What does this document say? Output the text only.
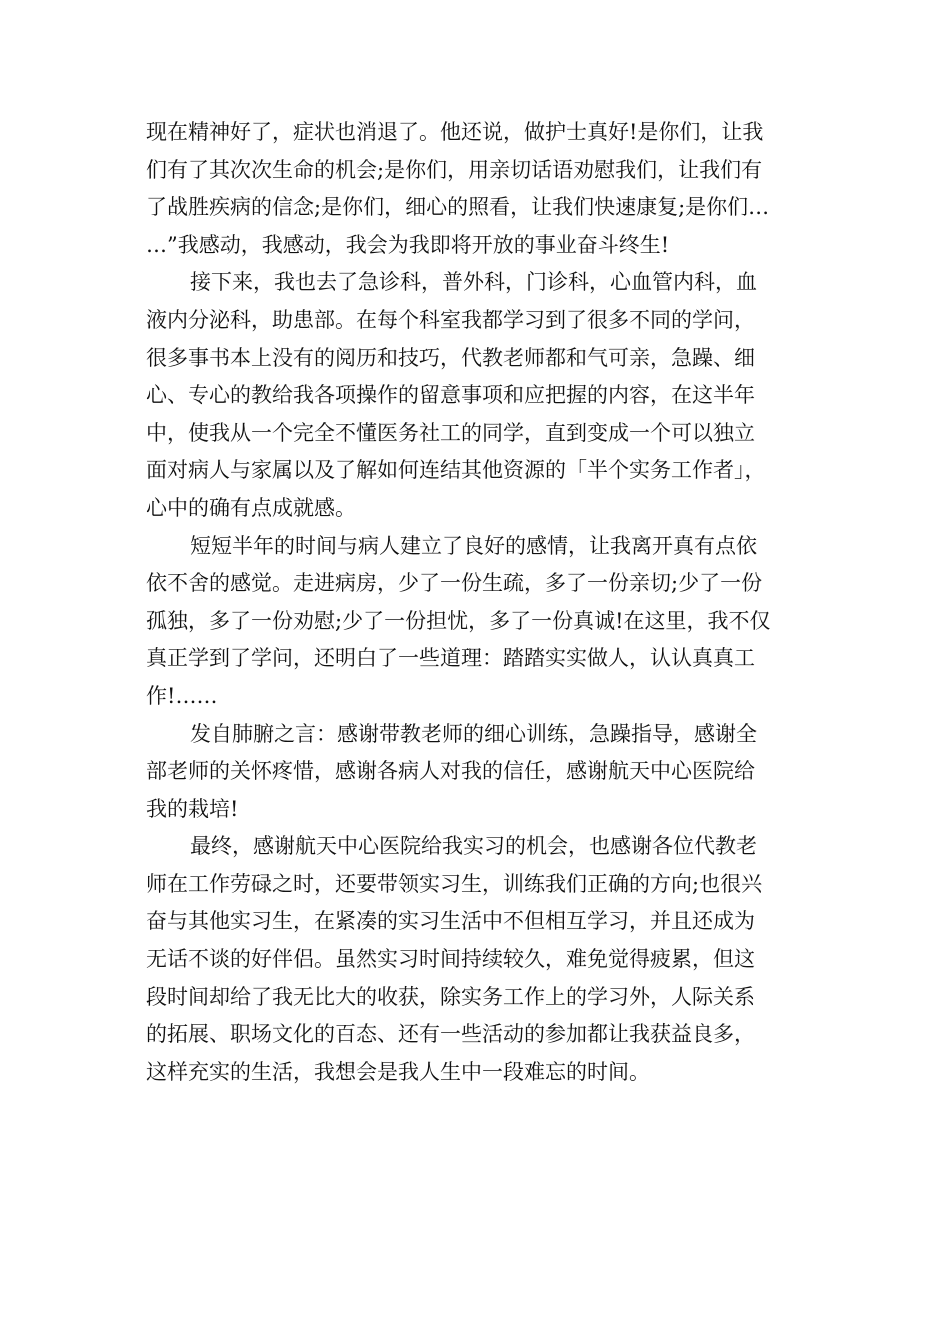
现在精神好了，症状也消退了。他还说，做护士真好!是你们，让我
们有了其次次生命的机会;是你们，用亲切话语劝慰我们，让我们有
了战胜疾病的信念;是你们，细心的照看，让我们快速康复;是你们…
…”我感动，我感动，我会为我即将开放的事业奋斗终生!
接下来，我也去了急诊科，普外科，门诊科，心血管内科，血
液内分泌科，助患部。在每个科室我都学习到了很多不同的学问，
很多事书本上没有的阅历和技巧，代教老师都和气可亲，急躁、细
心、专心的教给我各项操作的留意事项和应把握的内容，在这半年
中，使我从一个完全不懂医务社工的同学，直到变成一个可以独立
面对病人与家属以及了解如何连结其他资源的「半个实务工作者」，
心中的确有点成就感。
短短半年的时间与病人建立了良好的感情，让我离开真有点依
依不舍的感觉。走进病房，少了一份生疏，多了一份亲切;少了一份
孤独，多了一份劝慰;少了一份担忧，多了一份真诚!在这里，我不仅
真正学到了学问，还明白了一些道理：踏踏实实做人，认认真真工
作!……
发自肺腑之言：感谢带教老师的细心训练，急躁指导，感谢全
部老师的关怀疼惜，感谢各病人对我的信任，感谢航天中心医院给
我的栽培!
最终，感谢航天中心医院给我实习的机会，也感谢各位代教老
师在工作劳碌之时，还要带领实习生，训练我们正确的方向;也很兴
奋与其他实习生，在紧凑的实习生活中不但相互学习，并且还成为
无话不谈的好伴侣。虽然实习时间持续较久，难免觉得疲累，但这
段时间却给了我无比大的收获，除实务工作上的学习外，人际关系
的拓展、职场文化的百态、还有一些活动的参加都让我获益良多，
这样充实的生活，我想会是我人生中一段难忘的时间。
